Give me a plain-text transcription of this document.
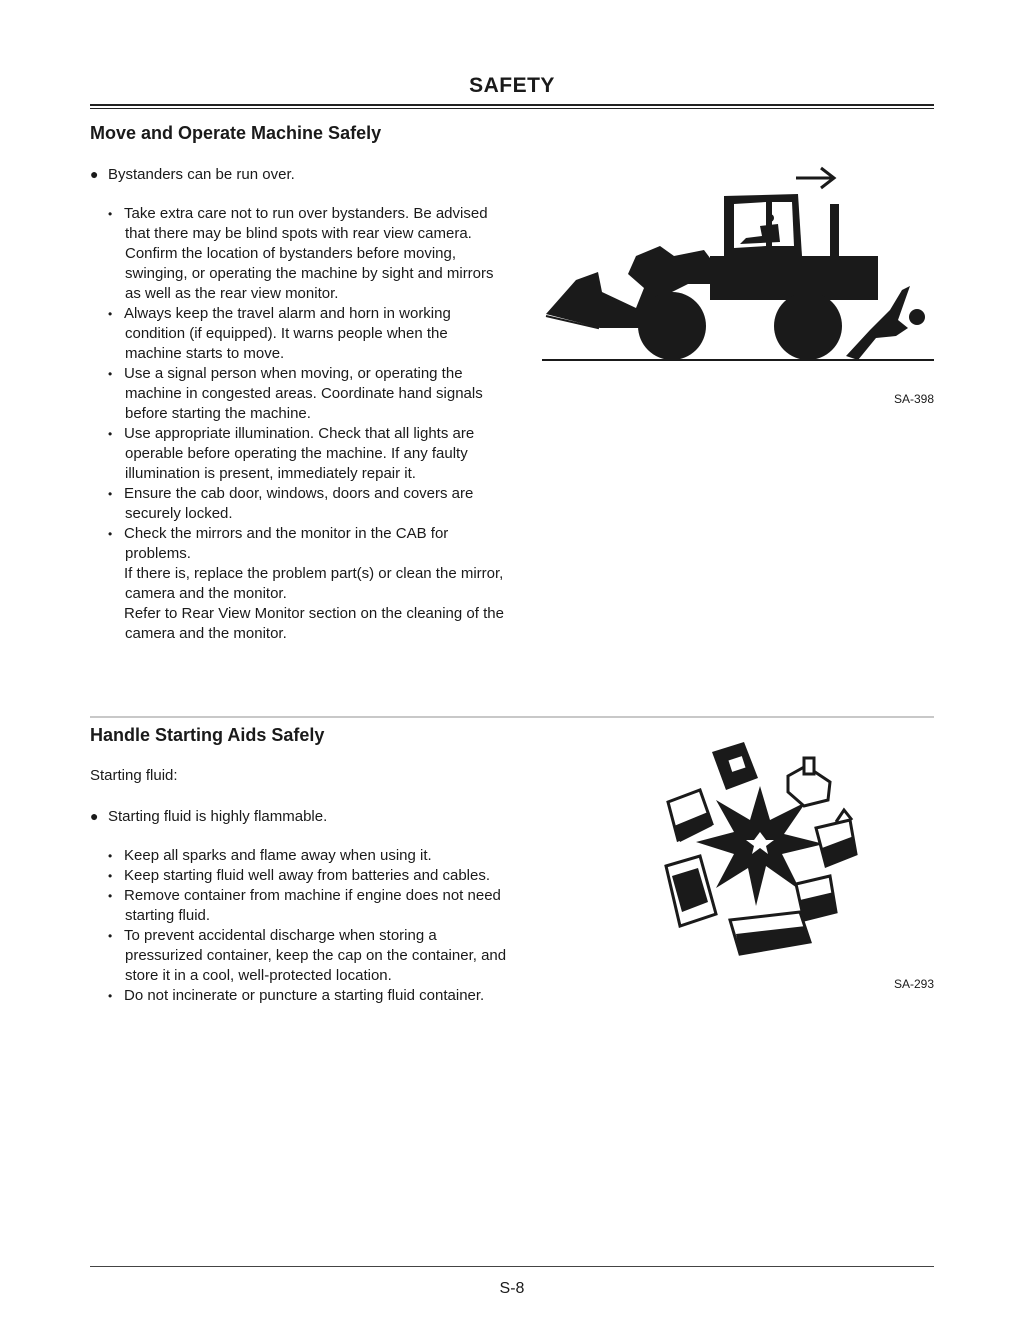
SAFETY
Move and Operate Machine Safely
● Bystanders can be run over.
• Take extra care not to run over bystanders. Be advised
that there may be blind spots with rear view camera.
Confirm the location of bystanders before moving,
swinging, or operating the machine by sight and mirrors
as well as the rear view monitor.
• Always keep the travel alarm and horn in working
condition (if equipped). It warns people when the
machine starts to move.
• Use a signal person when moving, or operating the
machine in congested areas. Coordinate hand signals
before starting the machine.
• Use appropriate illumination. Check that all lights are
operable before operating the machine. If any faulty
illumination is present, immediately repair it.
• Ensure the cab door, windows, doors and covers are
securely locked.
• Check the mirrors and the monitor in the CAB for
problems.
If there is, replace the problem part(s) or clean the mirror,
camera and the monitor.
Refer to Rear View Monitor section on the cleaning of the
camera and the monitor.
SA-398
Handle Starting Aids Safely
Starting fluid:
● Starting fluid is highly flammable.
• Keep all sparks and flame away when using it.
• Keep starting fluid well away from batteries and cables.
• Remove container from machine if engine does not need
starting fluid.
• To prevent accidental discharge when storing a
pressurized container, keep the cap on the container, and
store it in a cool, well-protected location.
• Do not incinerate or puncture a starting fluid container.
SA-293
S-8
